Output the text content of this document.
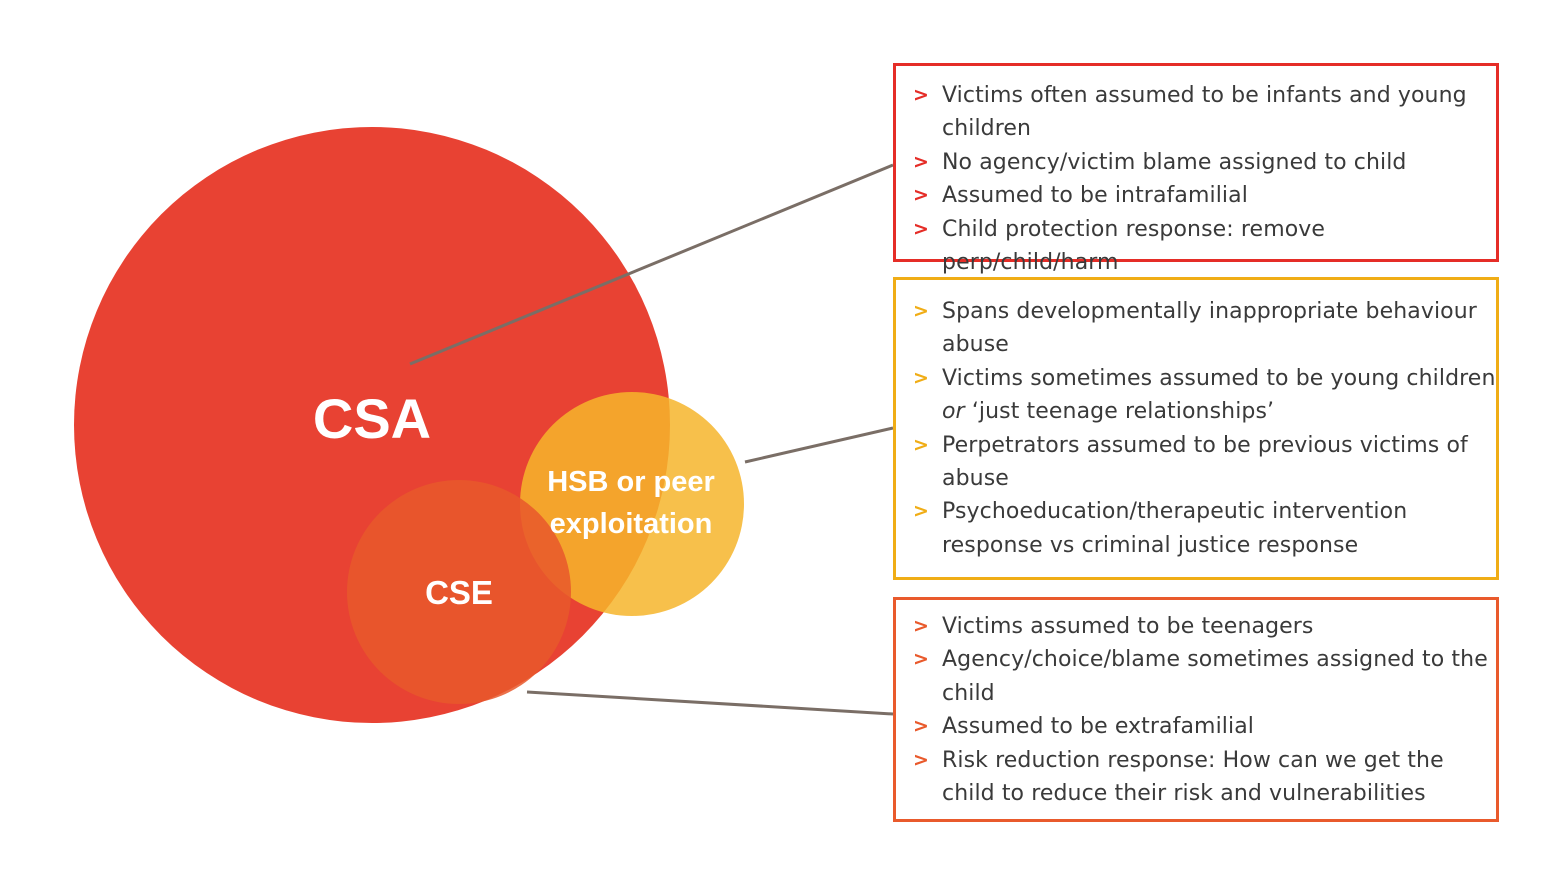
CSA
HSB or peer
exploitation
CSE
> Victims often assumed to be infants and young children
> No agency/victim blame assigned to child
> Assumed to be intrafamilial
> Child protection response: remove perp/child/harm
> Spans developmentally inappropriate behaviour abuse
> Victims sometimes assumed to be young children or ‘just teenage relationships’
> Perpetrators assumed to be previous victims of abuse
> Psychoeducation/therapeutic intervention response vs criminal justice response
> Victims assumed to be teenagers
> Agency/choice/blame sometimes assigned to the child
> Assumed to be extrafamilial
> Risk reduction response: How can we get the child to reduce their risk and vulnerabilities
